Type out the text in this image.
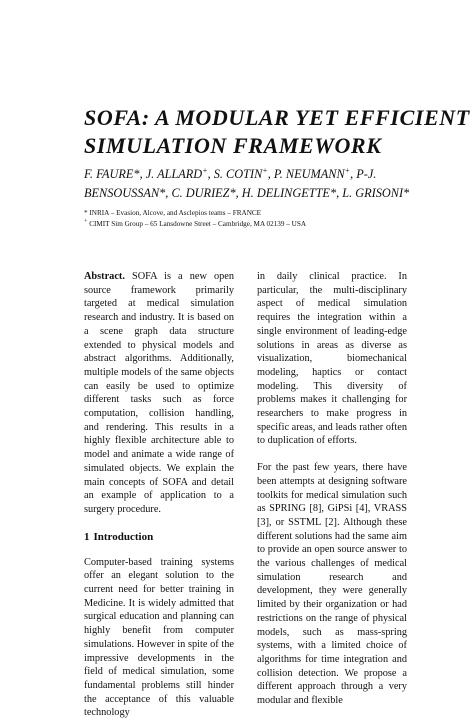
SOFA: A MODULAR YET EFFICIENT
SIMULATION FRAMEWORK
F. FAURE*, J. ALLARD+, S. COTIN+, P. NEUMANN+, P-J.
BENSOUSSAN*, C. DURIEZ*, H. DELINGETTE*, L. GRISONI*
* INRIA – Evasion, Alcove, and Asclepios teams – FRANCE
+ CIMIT Sim Group – 65 Lansdowne Street – Cambridge, MA 02139 – USA

Abstract. SOFA is a new open source framework primarily targeted at medical simulation research and industry. It is based on a scene graph data structure extended to physical models and abstract algorithms. Additionally, multiple models of the same objects can easily be used to optimize different tasks such as force computation, collision handling, and rendering. This results in a highly flexible architecture able to model and animate a wide range of simulated objects. We explain the main concepts of SOFA and detail an example of application to a surgery procedure.

1 Introduction

Computer-based training systems offer an elegant solution to the current need for better training in Medicine. It is widely admitted that surgical education and planning can highly benefit from computer simulations. However in spite of the impressive developments in the field of medical simulation, some fundamental problems still hinder the acceptance of this valuable technology

in daily clinical practice. In particular, the multi-disciplinary aspect of medical simulation requires the integration within a single environment of leading-edge solutions in areas as diverse as visualization, biomechanical modeling, haptics or contact modeling. This diversity of problems makes it challenging for researchers to make progress in specific areas, and leads rather often to duplication of efforts.

For the past few years, there have been attempts at designing software toolkits for medical simulation such as SPRING [8], GiPSi [4], VRASS [3], or SSTML [2]. Although these different solutions had the same aim to provide an open source answer to the various challenges of medical simulation research and development, they were generally limited by their organization or had restrictions on the range of physical models, such as mass-spring systems, with a limited choice of algorithms for time integration and collision detection. We propose a different approach through a very modular and flexible
